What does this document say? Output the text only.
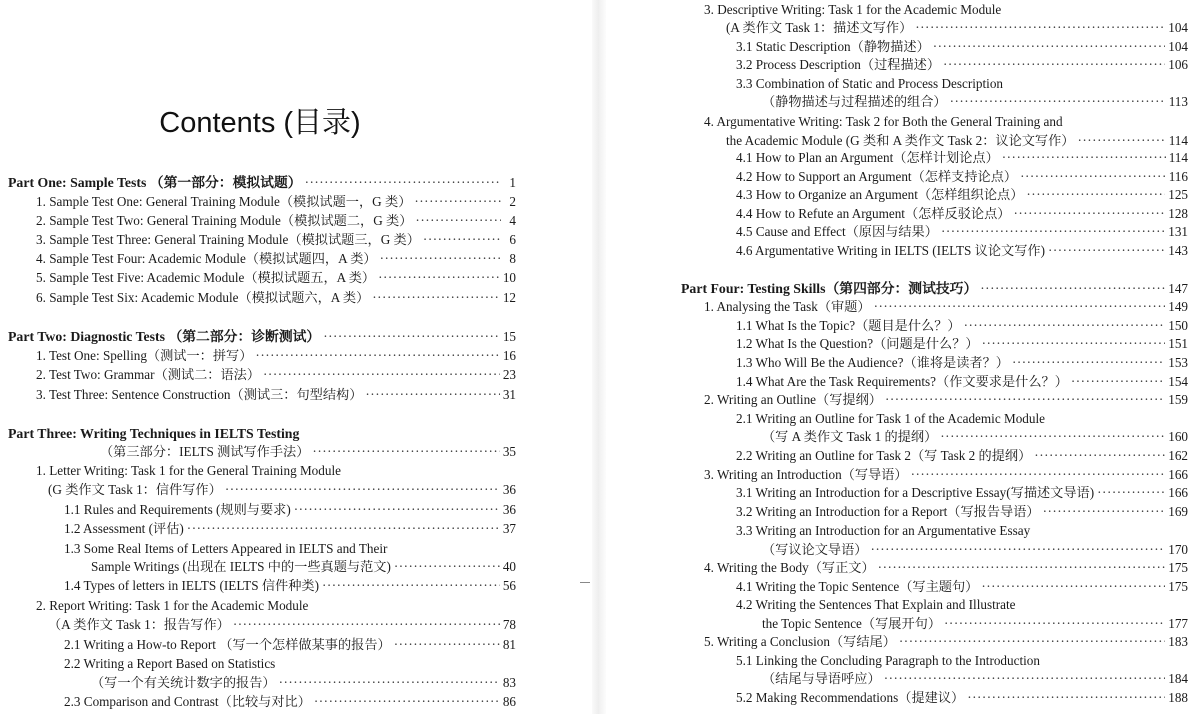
Contents (目录)
Part One: Sample Tests （第一部分：模拟试题） ·····	1
1. Sample Test One: General Training Module（模拟试题一，G 类） ·····	2
2. Sample Test Two: General Training Module（模拟试题二，G 类） ·····	4
3. Sample Test Three: General Training Module（模拟试题三，G 类） ·····	6
4. Sample Test Four: Academic Module（模拟试题四，A 类） ·····	8
5. Sample Test Five: Academic Module（模拟试题五，A 类） ·····	10
6. Sample Test Six: Academic Module（模拟试题六，A 类） ·····	12
Part Two: Diagnostic Tests （第二部分：诊断测试） ·····	15
1. Test One: Spelling（测试一：拼写） ·····	16
2. Test Two: Grammar（测试二：语法） ·····	23
3. Test Three: Sentence Construction（测试三：句型结构） ·····	31
Part Three: Writing Techniques in IELTS Testing
（第三部分：IELTS 测试写作手法） ·····	35
1. Letter Writing: Task 1 for the General Training Module
(G 类作文 Task 1：信件写作） ·····	36
1.1 Rules and Requirements (规则与要求) ·····	36
1.2 Assessment (评估) ·····	37
1.3 Some Real Items of Letters Appeared in IELTS and Their
Sample Writings (出现在 IELTS 中的一些真题与范文) ·····	40
1.4 Types of letters in IELTS (IELTS 信件种类) ·····	56
2. Report Writing: Task 1 for the Academic Module
（A 类作文 Task 1：报告写作） ·····	78
2.1 Writing a How-to Report （写一个怎样做某事的报告） ·····	81
2.2 Writing a Report Based on Statistics
（写一个有关统计数字的报告） ·····	83
2.3 Comparison and Contrast（比较与对比） ·····	86
3. Descriptive Writing: Task 1 for the Academic Module
(A 类作文 Task 1：描述文写作） ·····	104
3.1 Static Description（静物描述） ·····	104
3.2 Process Description（过程描述） ·····	106
3.3 Combination of Static and Process Description
（静物描述与过程描述的组合） ·····	113
4. Argumentative Writing: Task 2 for Both the General Training and
the Academic Module (G 类和 A 类作文 Task 2：议论文写作） ·····	114
4.1 How to Plan an Argument（怎样计划论点） ·····	114
4.2 How to Support an Argument（怎样支持论点） ·····	116
4.3 How to Organize an Argument（怎样组织论点） ·····	125
4.4 How to Refute an Argument（怎样反驳论点） ·····	128
4.5 Cause and Effect（原因与结果） ·····	131
4.6 Argumentative Writing in IELTS (IELTS 议论文写作) ·····	143
Part Four: Testing Skills（第四部分：测试技巧） ·····	147
1. Analysing the Task（审题） ·····	149
1.1 What Is the Topic?（题目是什么？） ·····	150
1.2 What Is the Question?（问题是什么？） ·····	151
1.3 Who Will Be the Audience?（谁将是读者？） ·····	153
1.4 What Are the Task Requirements?（作文要求是什么？） ·····	154
2. Writing an Outline（写提纲） ·····	159
2.1 Writing an Outline for Task 1 of the Academic Module
（写 A 类作文 Task 1 的提纲） ·····	160
2.2 Writing an Outline for Task 2（写 Task 2 的提纲） ·····	162
3. Writing an Introduction（写导语） ·····	166
3.1 Writing an Introduction for a Descriptive Essay(写描述文导语) ·····	166
3.2 Writing an Introduction for a Report（写报告导语） ·····	169
3.3 Writing an Introduction for an Argumentative Essay
（写议论文导语） ·····	170
4. Writing the Body（写正文） ·····	175
4.1 Writing the Topic Sentence（写主题句） ·····	175
4.2 Writing the Sentences That Explain and Illustrate
the Topic Sentence（写展开句） ·····	177
5. Writing a Conclusion（写结尾） ·····	183
5.1 Linking the Concluding Paragraph to the Introduction
（结尾与导语呼应） ·····	184
5.2 Making Recommendations（提建议） ·····	188
